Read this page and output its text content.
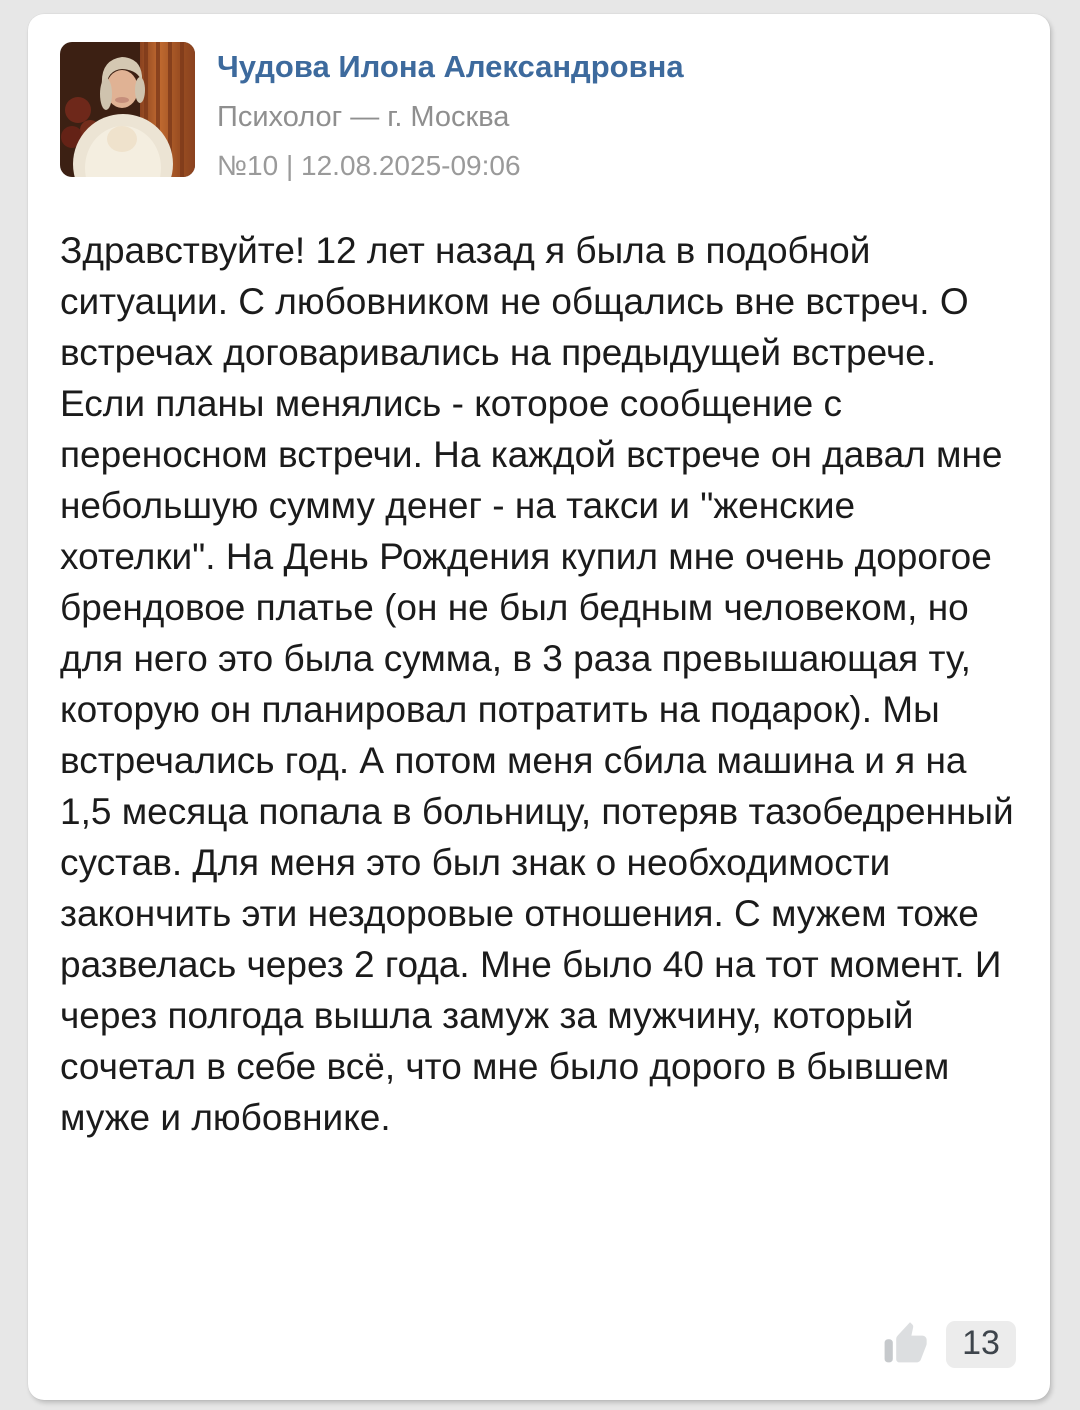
Чудова Илона Александровна
Психолог — г. Москва
№10 | 12.08.2025-09:06
Здравствуйте! 12 лет назад я была в подобной ситуации. С любовником не общались вне встреч. О встречах договаривались на предыдущей встрече. Если планы менялись - которое сообщение с переносном встречи. На каждой встрече он давал мне небольшую сумму денег - на такси и "женские хотелки". На День Рождения купил мне очень дорогое брендовое платье (он не был бедным человеком, но для него это была сумма, в 3 раза превышающая ту, которую он планировал потратить на подарок). Мы встречались год. А потом меня сбила машина и я на 1,5 месяца попала в больницу, потеряв тазобедренный сустав. Для меня это был знак о необходимости закончить эти нездоровые отношения. С мужем тоже развелась через 2 года. Мне было 40 на тот момент. И через полгода вышла замуж за мужчину, который сочетал в себе всё, что мне было дорого в бывшем муже и любовнике.
13
